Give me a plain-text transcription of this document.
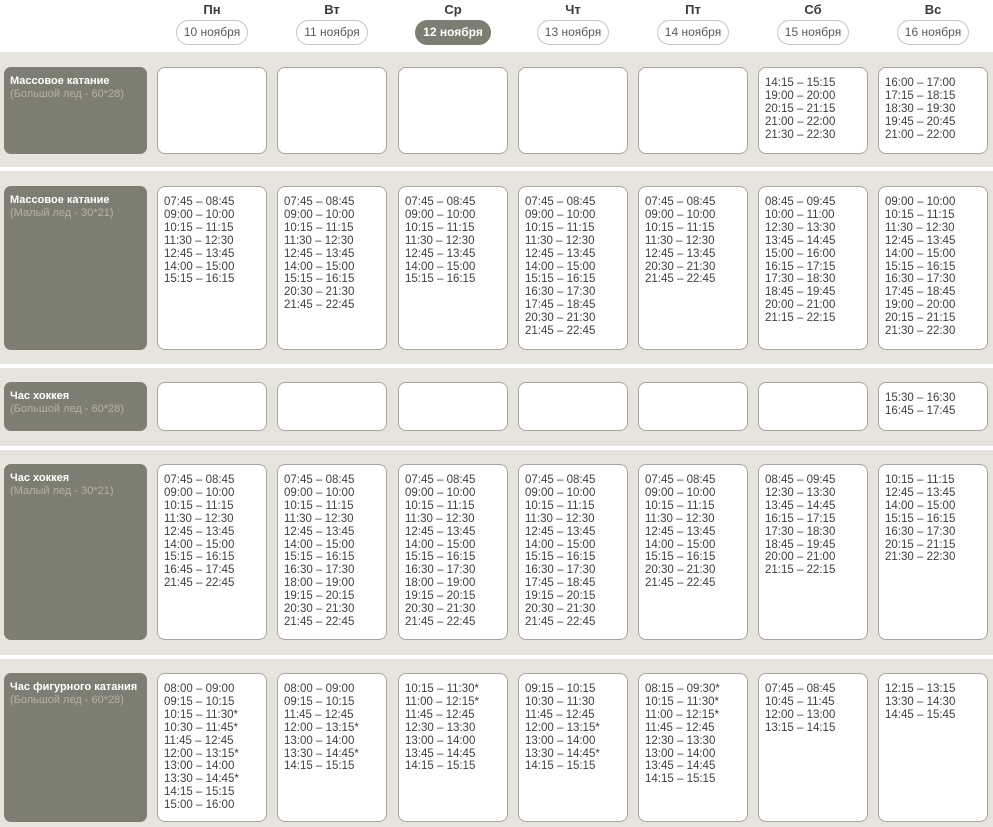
Пн
10 ноября
Вт
11 ноября
Ср
12 ноября
Чт
13 ноября
Пт
14 ноября
Сб
15 ноября
Вс
16 ноября
Массовое катание
(Большой лед - 60*28)
14:15 – 15:15
19:00 – 20:00
20:15 – 21:15
21:00 – 22:00
21:30 – 22:30
16:00 – 17:00
17:15 – 18:15
18:30 – 19:30
19:45 – 20:45
21:00 – 22:00
Массовое катание
(Малый лед - 30*21)
07:45 – 08:45
09:00 – 10:00
10:15 – 11:15
11:30 – 12:30
12:45 – 13:45
14:00 – 15:00
15:15 – 16:15
07:45 – 08:45
09:00 – 10:00
10:15 – 11:15
11:30 – 12:30
12:45 – 13:45
14:00 – 15:00
15:15 – 16:15
20:30 – 21:30
21:45 – 22:45
07:45 – 08:45
09:00 – 10:00
10:15 – 11:15
11:30 – 12:30
12:45 – 13:45
14:00 – 15:00
15:15 – 16:15
07:45 – 08:45
09:00 – 10:00
10:15 – 11:15
11:30 – 12:30
12:45 – 13:45
14:00 – 15:00
15:15 – 16:15
16:30 – 17:30
17:45 – 18:45
20:30 – 21:30
21:45 – 22:45
07:45 – 08:45
09:00 – 10:00
10:15 – 11:15
11:30 – 12:30
12:45 – 13:45
20:30 – 21:30
21:45 – 22:45
08:45 – 09:45
10:00 – 11:00
12:30 – 13:30
13:45 – 14:45
15:00 – 16:00
16:15 – 17:15
17:30 – 18:30
18:45 – 19:45
20:00 – 21:00
21:15 – 22:15
09:00 – 10:00
10:15 – 11:15
11:30 – 12:30
12:45 – 13:45
14:00 – 15:00
15:15 – 16:15
16:30 – 17:30
17:45 – 18:45
19:00 – 20:00
20:15 – 21:15
21:30 – 22:30
Час хоккея
(Большой лед - 60*28)
15:30 – 16:30
16:45 – 17:45
Час хоккея
(Малый лед - 30*21)
07:45 – 08:45
09:00 – 10:00
10:15 – 11:15
11:30 – 12:30
12:45 – 13:45
14:00 – 15:00
15:15 – 16:15
16:45 – 17:45
21:45 – 22:45
07:45 – 08:45
09:00 – 10:00
10:15 – 11:15
11:30 – 12:30
12:45 – 13:45
14:00 – 15:00
15:15 – 16:15
16:30 – 17:30
18:00 – 19:00
19:15 – 20:15
20:30 – 21:30
21:45 – 22:45
07:45 – 08:45
09:00 – 10:00
10:15 – 11:15
11:30 – 12:30
12:45 – 13:45
14:00 – 15:00
15:15 – 16:15
16:30 – 17:30
18:00 – 19:00
19:15 – 20:15
20:30 – 21:30
21:45 – 22:45
07:45 – 08:45
09:00 – 10:00
10:15 – 11:15
11:30 – 12:30
12:45 – 13:45
14:00 – 15:00
15:15 – 16:15
16:30 – 17:30
17:45 – 18:45
19:15 – 20:15
20:30 – 21:30
21:45 – 22:45
07:45 – 08:45
09:00 – 10:00
10:15 – 11:15
11:30 – 12:30
12:45 – 13:45
14:00 – 15:00
15:15 – 16:15
20:30 – 21:30
21:45 – 22:45
08:45 – 09:45
12:30 – 13:30
13:45 – 14:45
16:15 – 17:15
17:30 – 18:30
18:45 – 19:45
20:00 – 21:00
21:15 – 22:15
10:15 – 11:15
12:45 – 13:45
14:00 – 15:00
15:15 – 16:15
16:30 – 17:30
20:15 – 21:15
21:30 – 22:30
Час фигурного катания
(Большой лед - 60*28)
08:00 – 09:00
09:15 – 10:15
10:15 – 11:30*
10:30 – 11:45*
11:45 – 12:45
12:00 – 13:15*
13:00 – 14:00
13:30 – 14:45*
14:15 – 15:15
15:00 – 16:00
08:00 – 09:00
09:15 – 10:15
11:45 – 12:45
12:00 – 13:15*
13:00 – 14:00
13:30 – 14:45*
14:15 – 15:15
10:15 – 11:30*
11:00 – 12:15*
11:45 – 12:45
12:30 – 13:30
13:00 – 14:00
13:45 – 14:45
14:15 – 15:15
09:15 – 10:15
10:30 – 11:30
11:45 – 12:45
12:00 – 13:15*
13:00 – 14:00
13:30 – 14:45*
14:15 – 15:15
08:15 – 09:30*
10:15 – 11:30*
11:00 – 12:15*
11:45 – 12:45
12:30 – 13:30
13:00 – 14:00
13:45 – 14:45
14:15 – 15:15
07:45 – 08:45
10:45 – 11:45
12:00 – 13:00
13:15 – 14:15
12:15 – 13:15
13:30 – 14:30
14:45 – 15:45
